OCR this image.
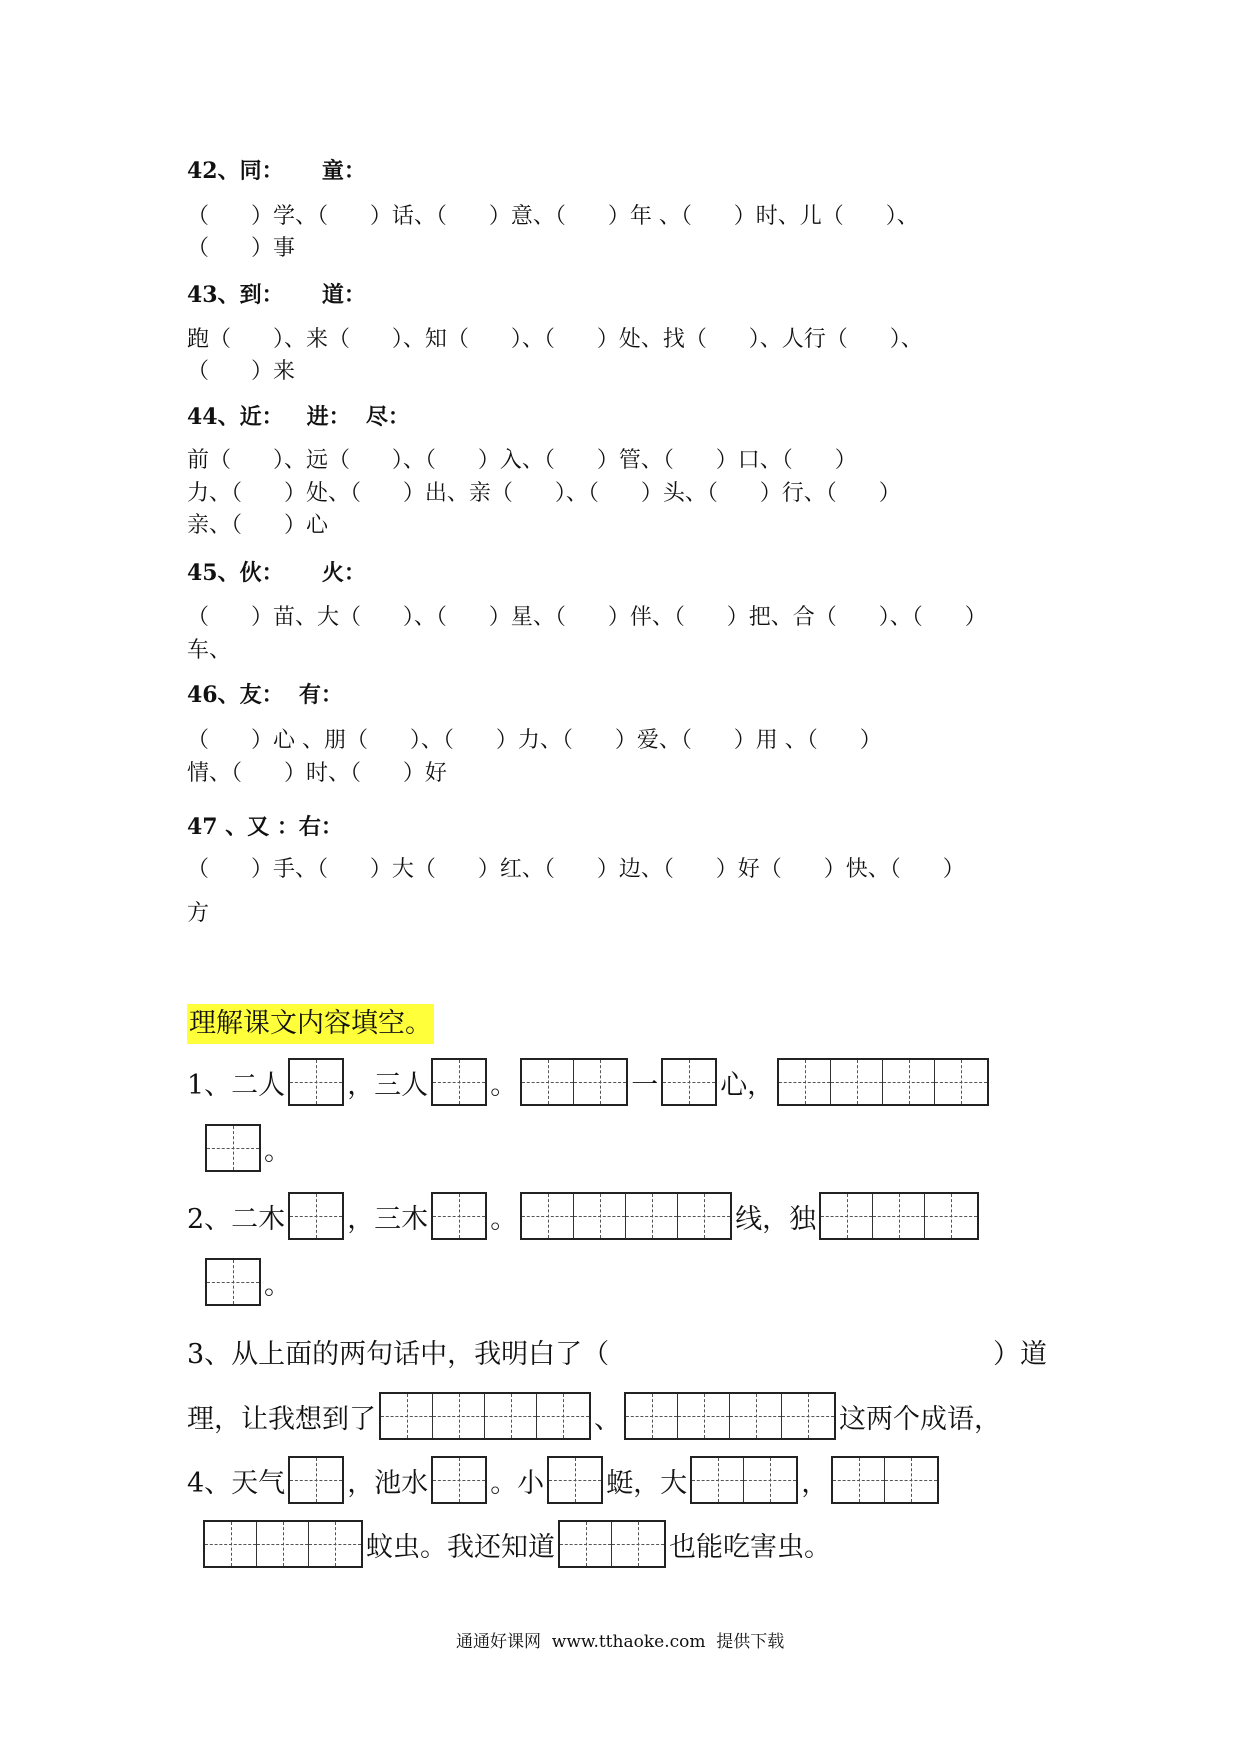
42、同：     童：
（      ）学、（      ）话、（      ）意、（      ）年 、（      ）时、儿（      ）、
（      ）事
43、到：     道：
跑（      ）、来（      ）、知（      ）、（      ）处、找（      ）、人行（      ）、
（      ）来
44、近：   进：  尽：
前（      ）、远（      ）、（      ）入、（      ）管、（      ）口、（      ）
力、（      ）处、（      ）出、亲（      ）、（      ）头、（      ）行、（      ）
亲、（      ）心
45、伙：     火：
（      ）苗、大（      ）、（      ）星、（      ）伴、（      ）把、合（      ）、（      ）
车、
46、友：  有：
（      ）心 、朋（      ）、（      ）力、（      ）爱、（      ）用 、（      ）
情、（      ）时、（      ）好
47 、又 ：右：
（      ）手、（      ）大（      ）红、（      ）边、（      ）好（      ）快、（      ）
方
理解课文内容填空。
1、二人 ，三人 。	一 心，
。
2、二木 ，三木 。	线，独
。
3、从上面的两句话中，我明白了（	）道
理，让我想到了	、	这两个成语，
4、天气 ，池水 。小 蜓，大	，
蚊虫。我还知道	也能吃害虫。
通通好课网  www.tthaoke.com  提供下载
